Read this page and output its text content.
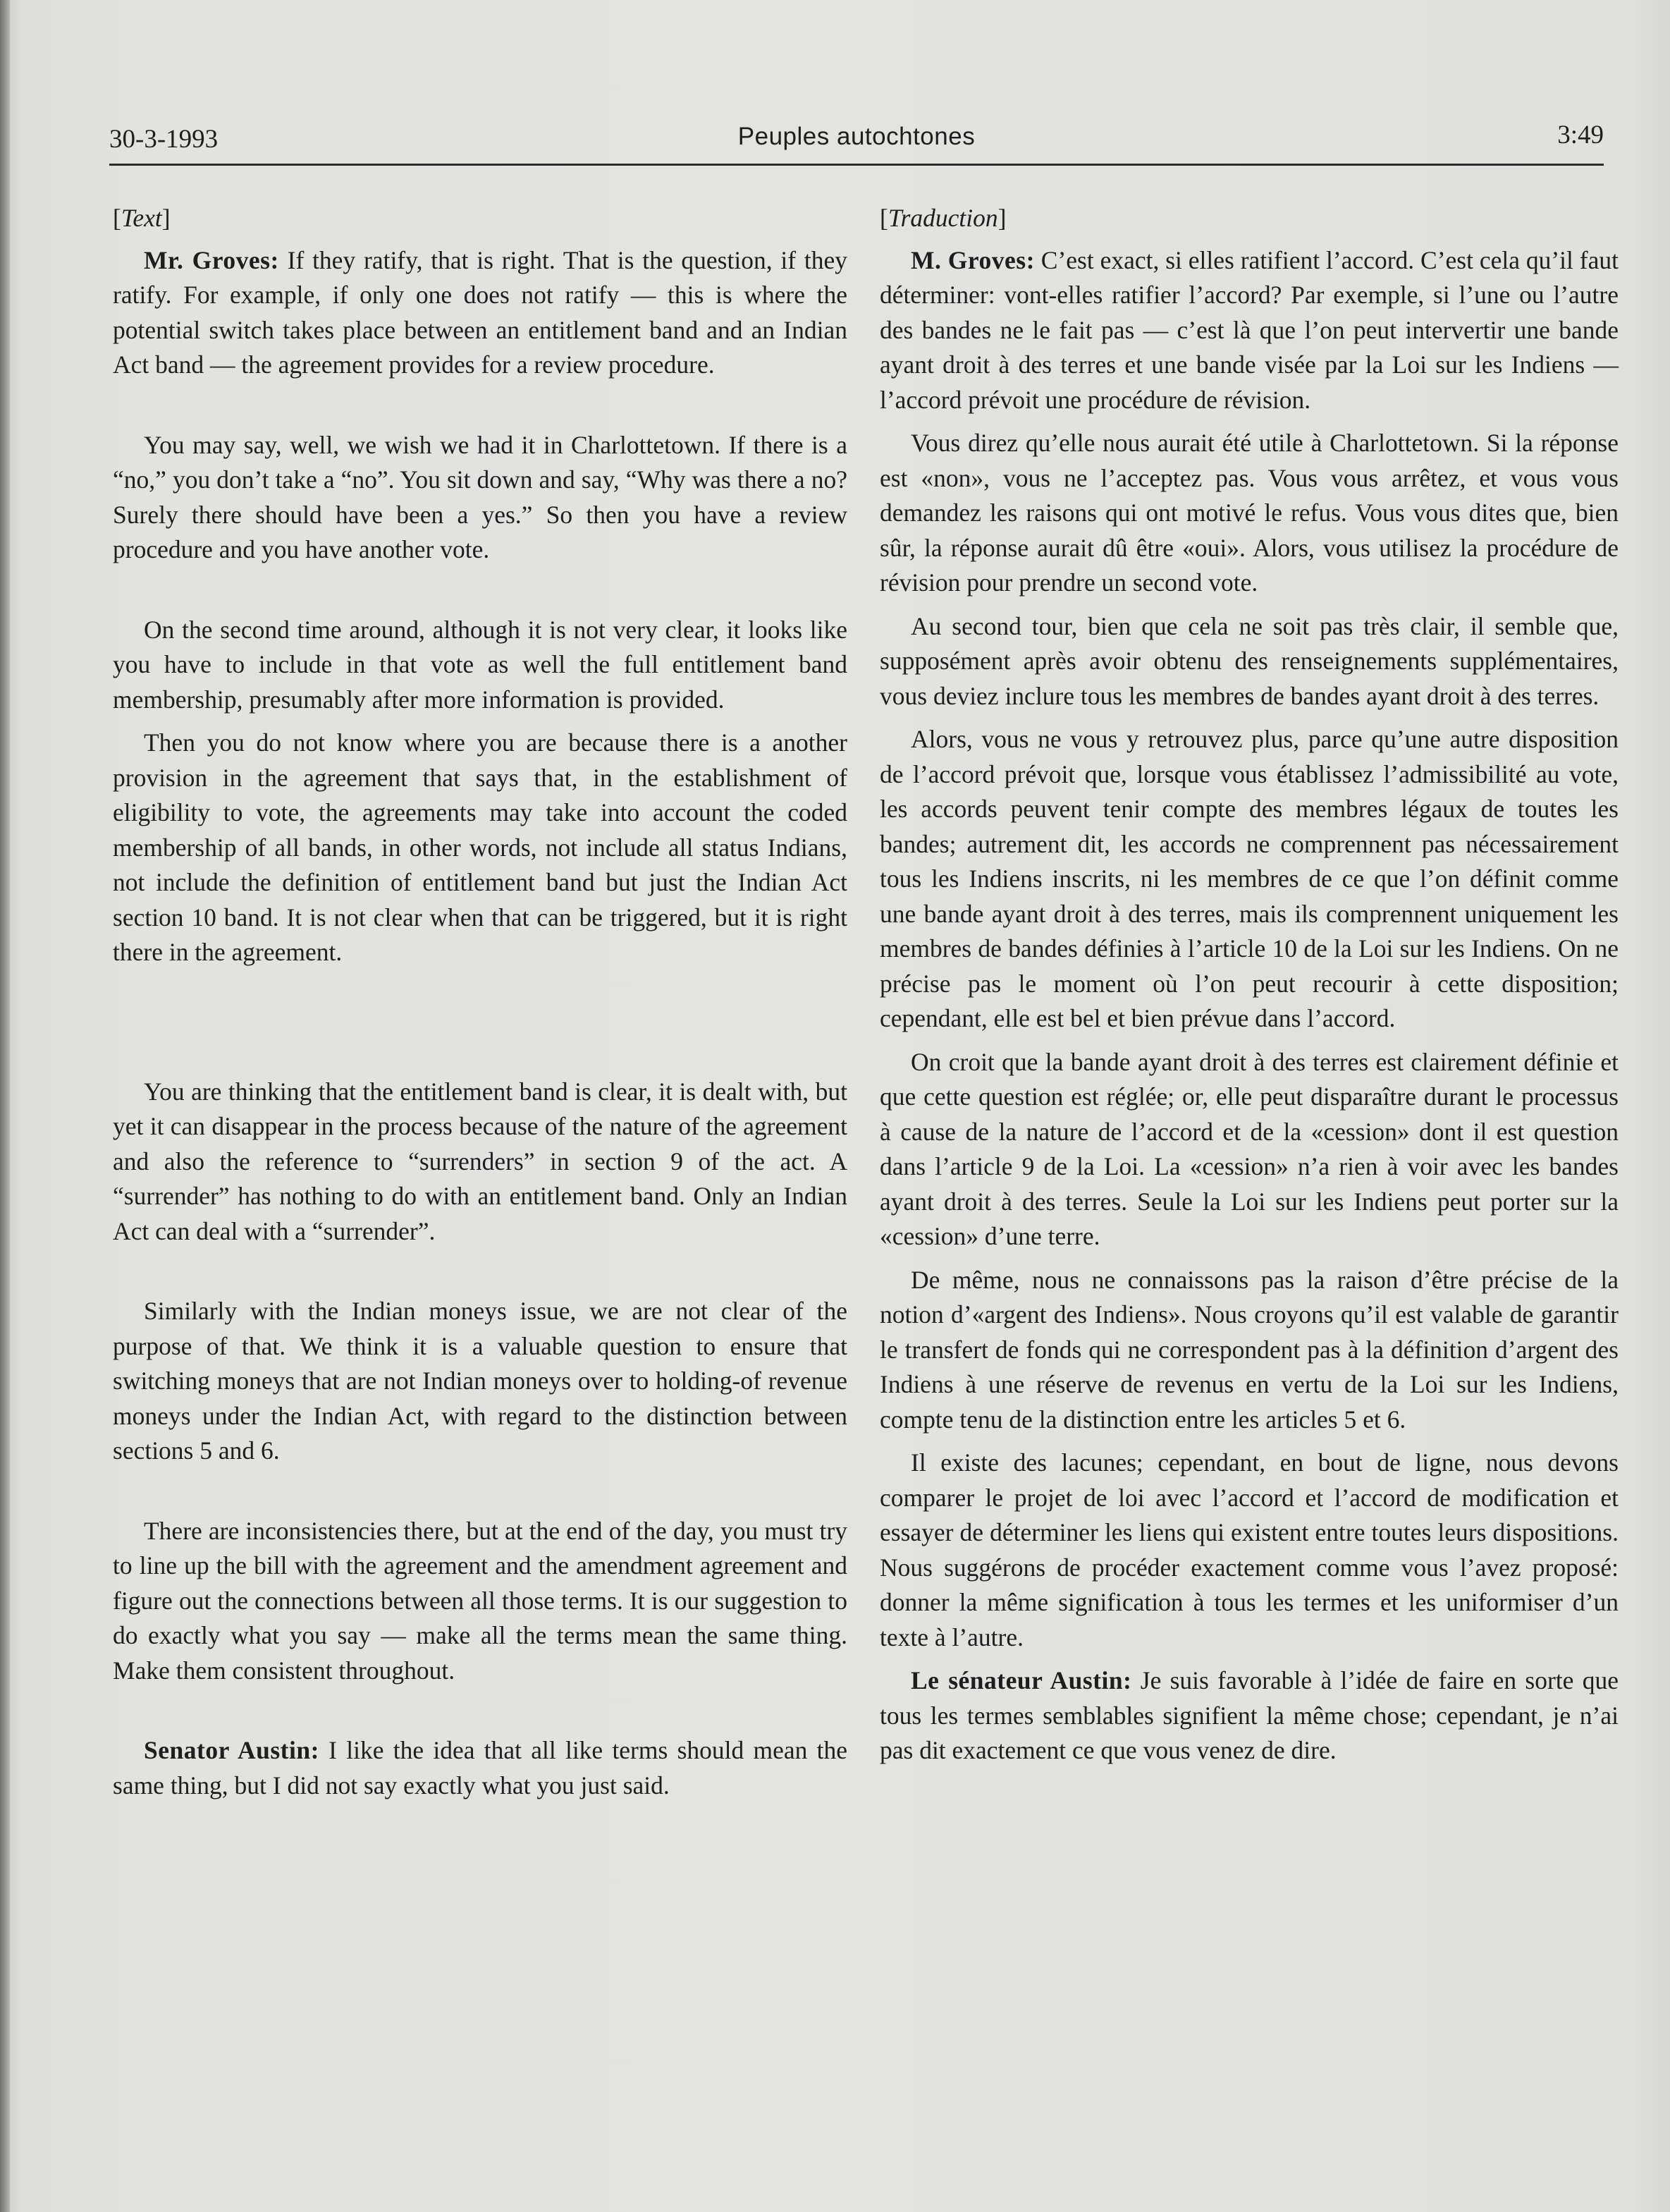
30-3-1993	Peuples autochtones	3:49

[Text]

Mr. Groves: If they ratify, that is right. That is the question, if they ratify. For example, if only one does not ratify — this is where the potential switch takes place between an entitlement band and an Indian Act band — the agreement provides for a review procedure.

You may say, well, we wish we had it in Charlottetown. If there is a “no,” you don’t take a “no”. You sit down and say, “Why was there a no? Surely there should have been a yes.” So then you have a review procedure and you have another vote.

On the second time around, although it is not very clear, it looks like you have to include in that vote as well the full entitlement band membership, presumably after more information is provided.

Then you do not know where you are because there is a another provision in the agreement that says that, in the establishment of eligibility to vote, the agreements may take into account the coded membership of all bands, in other words, not include all status Indians, not include the definition of entitlement band but just the Indian Act section 10 band. It is not clear when that can be triggered, but it is right there in the agreement.

You are thinking that the entitlement band is clear, it is dealt with, but yet it can disappear in the process because of the nature of the agreement and also the reference to “surrenders” in section 9 of the act. A “surrender” has nothing to do with an entitlement band. Only an Indian Act can deal with a “surrender”.

Similarly with the Indian moneys issue, we are not clear of the purpose of that. We think it is a valuable question to ensure that switching moneys that are not Indian moneys over to holding-of revenue moneys under the Indian Act, with regard to the distinction between sections 5 and 6.

There are inconsistencies there, but at the end of the day, you must try to line up the bill with the agreement and the amendment agreement and figure out the connections between all those terms. It is our suggestion to do exactly what you say — make all the terms mean the same thing. Make them consistent throughout.

Senator Austin: I like the idea that all like terms should mean the same thing, but I did not say exactly what you just said.

[Traduction]

M. Groves: C’est exact, si elles ratifient l’accord. C’est cela qu’il faut déterminer: vont-elles ratifier l’accord? Par exemple, si l’une ou l’autre des bandes ne le fait pas — c’est là que l’on peut intervertir une bande ayant droit à des terres et une bande visée par la Loi sur les Indiens — l’accord prévoit une procédure de révision.

Vous direz qu’elle nous aurait été utile à Charlottetown. Si la réponse est «non», vous ne l’acceptez pas. Vous vous arrêtez, et vous vous demandez les raisons qui ont motivé le refus. Vous vous dites que, bien sûr, la réponse aurait dû être «oui». Alors, vous utilisez la procédure de révision pour prendre un second vote.

Au second tour, bien que cela ne soit pas très clair, il semble que, supposément après avoir obtenu des renseignements supplémentaires, vous deviez inclure tous les membres de bandes ayant droit à des terres.

Alors, vous ne vous y retrouvez plus, parce qu’une autre disposition de l’accord prévoit que, lorsque vous établissez l’admissibilité au vote, les accords peuvent tenir compte des membres légaux de toutes les bandes; autrement dit, les accords ne comprennent pas nécessairement tous les Indiens inscrits, ni les membres de ce que l’on définit comme une bande ayant droit à des terres, mais ils comprennent uniquement les membres de bandes définies à l’article 10 de la Loi sur les Indiens. On ne précise pas le moment où l’on peut recourir à cette disposition; cependant, elle est bel et bien prévue dans l’accord.

On croit que la bande ayant droit à des terres est clairement définie et que cette question est réglée; or, elle peut disparaître durant le processus à cause de la nature de l’accord et de la «cession» dont il est question dans l’article 9 de la Loi. La «cession» n’a rien à voir avec les bandes ayant droit à des terres. Seule la Loi sur les Indiens peut porter sur la «cession» d’une terre.

De même, nous ne connaissons pas la raison d’être précise de la notion d’«argent des Indiens». Nous croyons qu’il est valable de garantir le transfert de fonds qui ne correspondent pas à la définition d’argent des Indiens à une réserve de revenus en vertu de la Loi sur les Indiens, compte tenu de la distinction entre les articles 5 et 6.

Il existe des lacunes; cependant, en bout de ligne, nous devons comparer le projet de loi avec l’accord et l’accord de modification et essayer de déterminer les liens qui existent entre toutes leurs dispositions. Nous suggérons de procéder exactement comme vous l’avez proposé: donner la même signification à tous les termes et les uniformiser d’un texte à l’autre.

Le sénateur Austin: Je suis favorable à l’idée de faire en sorte que tous les termes semblables signifient la même chose; cependant, je n’ai pas dit exactement ce que vous venez de dire.
